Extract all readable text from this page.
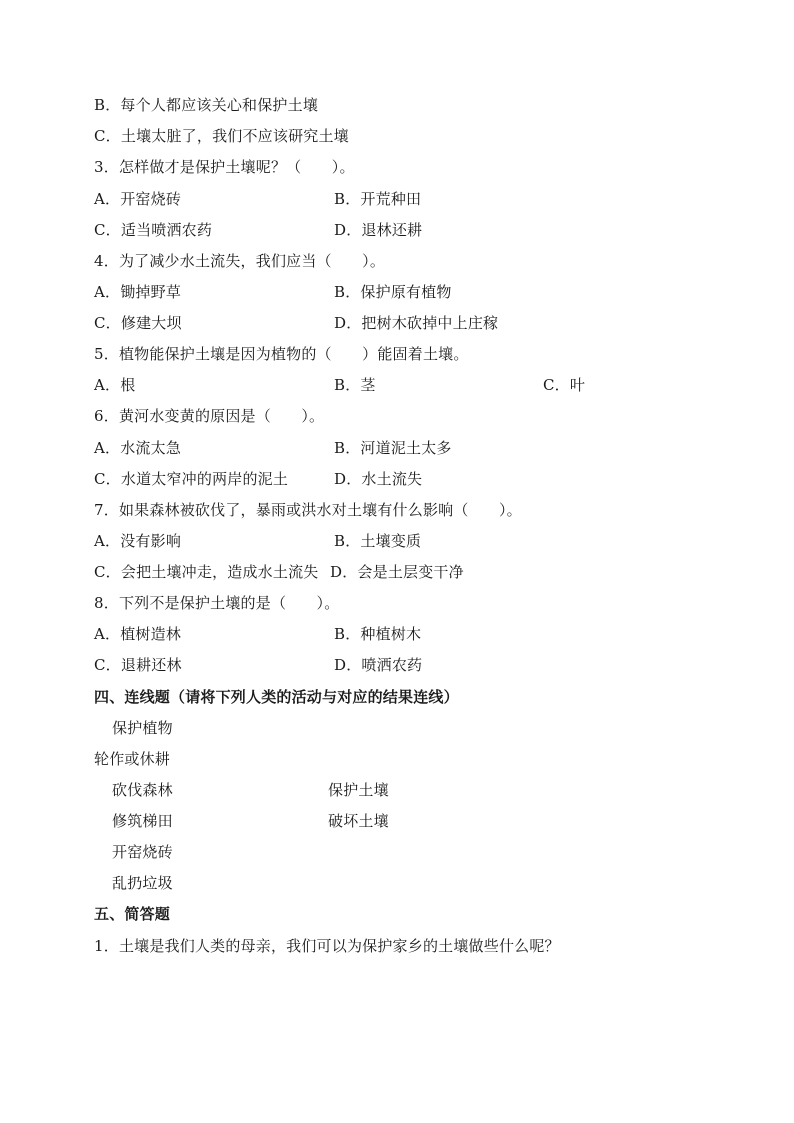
B．每个人都应该关心和保护土壤
C．土壤太脏了，我们不应该研究土壤
3．怎样做才是保护土壤呢？（　　）。
A．开窑烧砖	B．开荒种田
C．适当喷洒农药	D．退林还耕
4．为了减少水土流失，我们应当（　　）。
A．锄掉野草	B．保护原有植物
C．修建大坝	D．把树木砍掉中上庄稼
5．植物能保护土壤是因为植物的（　　）能固着土壤。
A．根	B．茎	C．叶
6．黄河水变黄的原因是（　　）。
A．水流太急	B．河道泥土太多
C．水道太窄冲的两岸的泥土	D．水土流失
7．如果森林被砍伐了，暴雨或洪水对土壤有什么影响（　　）。
A．没有影响	B．土壤变质
C．会把土壤冲走，造成水土流失 D．会是土层变干净
8．下列不是保护土壤的是（　　）。
A．植树造林	B．种植树木
C．退耕还林	D．喷洒农药
四、连线题（请将下列人类的活动与对应的结果连线）
保护植物
轮作或休耕
砍伐森林	保护土壤
修筑梯田	破坏土壤
开窑烧砖
乱扔垃圾
五、简答题
1．土壤是我们人类的母亲，我们可以为保护家乡的土壤做些什么呢？
